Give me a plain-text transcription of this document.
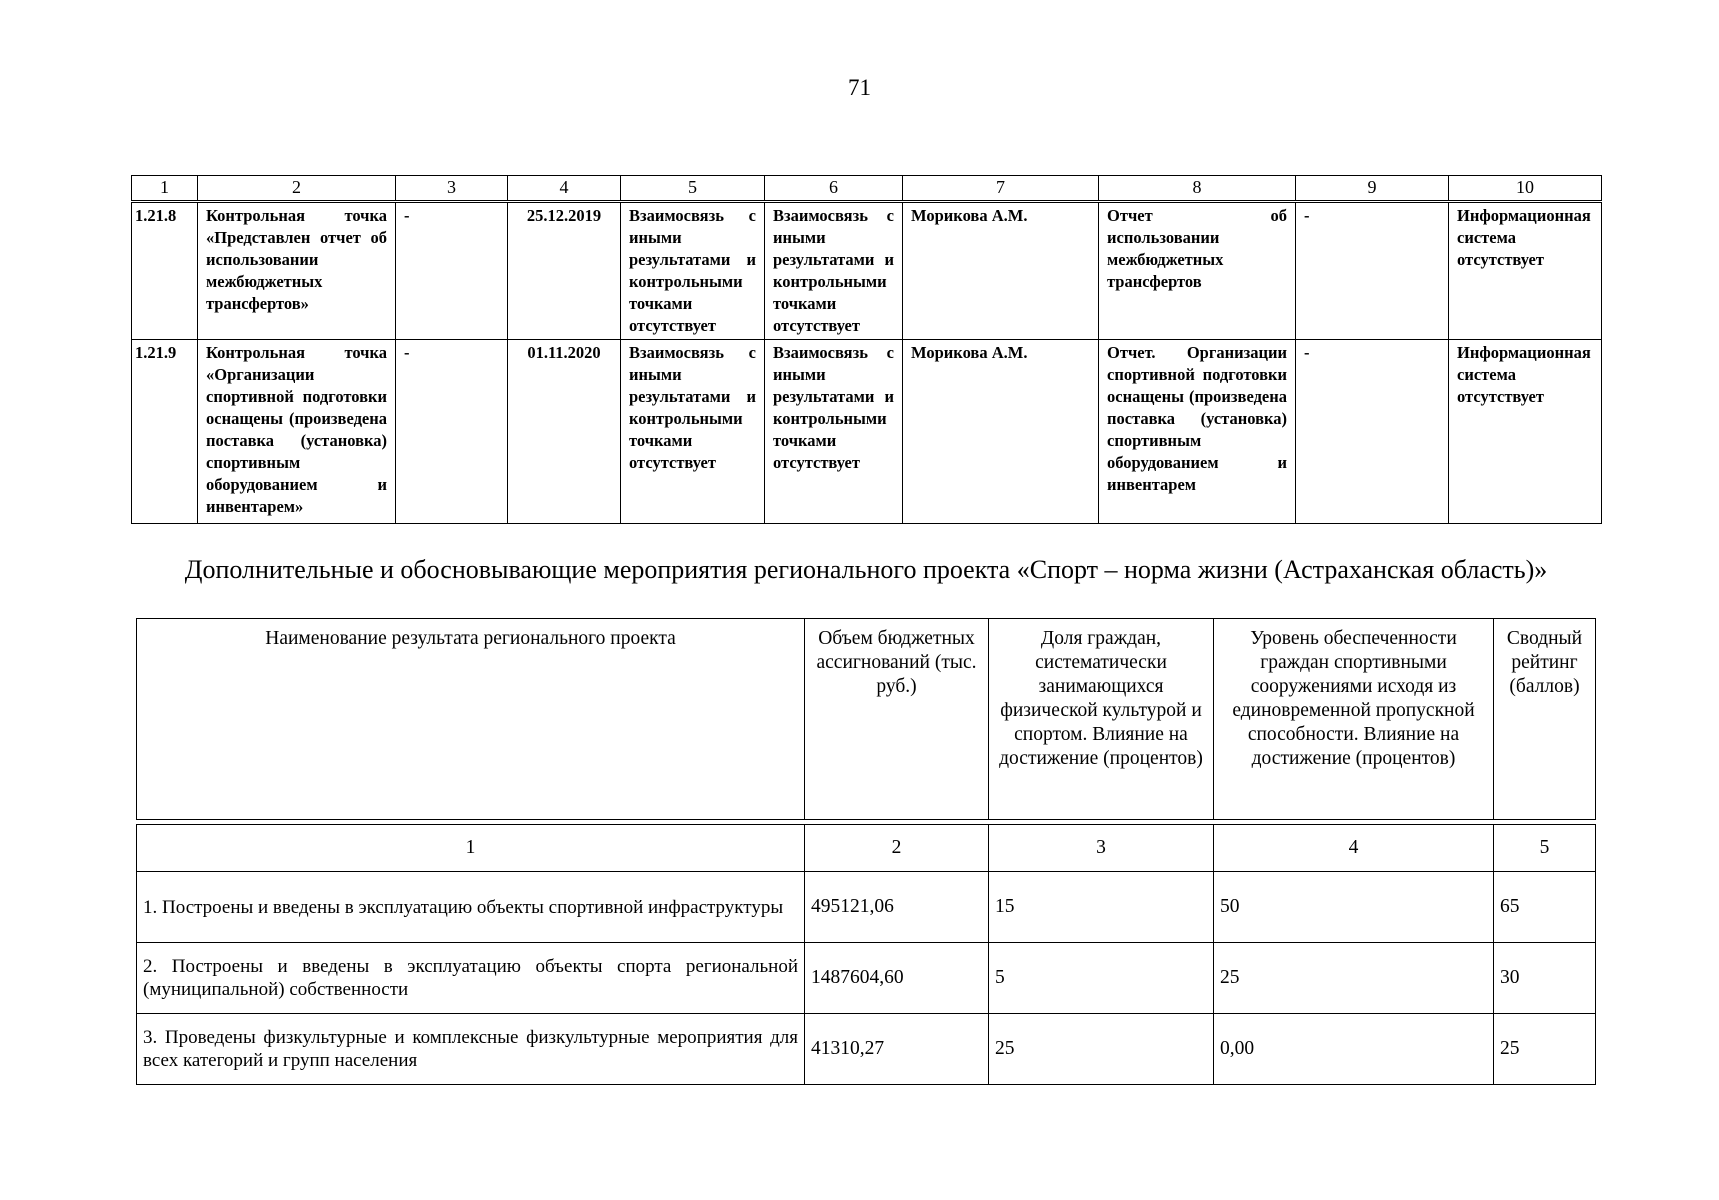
71
1	2	3	4	5	6	7	8	9	10
1.21.8	Контрольная точка «Представлен отчет об использовании межбюджетных трансфертов»	-	25.12.2019	Взаимосвязь с иными результатами и контрольными точками отсутствует	Взаимосвязь с иными результатами и контрольными точками отсутствует	Морикова А.М.	Отчет об использовании межбюджетных трансфертов	-	Информационная система отсутствует
1.21.9	Контрольная точка «Организации спортивной подготовки оснащены (произведена поставка (установка) спортивным оборудованием и инвентарем»	-	01.11.2020	Взаимосвязь с иными результатами и контрольными точками отсутствует	Взаимосвязь с иными результатами и контрольными точками отсутствует	Морикова А.М.	Отчет. Организации спортивной подготовки оснащены (произведена поставка (установка) спортивным оборудованием и инвентарем	-	Информационная система отсутствует
Дополнительные и обосновывающие мероприятия регионального проекта «Спорт – норма жизни (Астраханская область)»
Наименование результата регионального проекта	Объем бюджетных ассигнований (тыс. руб.)	Доля граждан, систематически занимающихся физической культурой и спортом. Влияние на достижение (процентов)	Уровень обеспеченности граждан спортивными сооружениями исходя из единовременной пропускной способности. Влияние на достижение (процентов)	Сводный рейтинг (баллов)

1	2	3	4	5
1. Построены и введены в эксплуатацию объекты спортивной инфраструктуры	495121,06	15	50	65
2. Построены и введены в эксплуатацию объекты спорта региональной (муниципальной) собственности	1487604,60	5	25	30
3. Проведены физкультурные и комплексные физкультурные мероприятия для всех категорий и групп населения	41310,27	25	0,00	25
